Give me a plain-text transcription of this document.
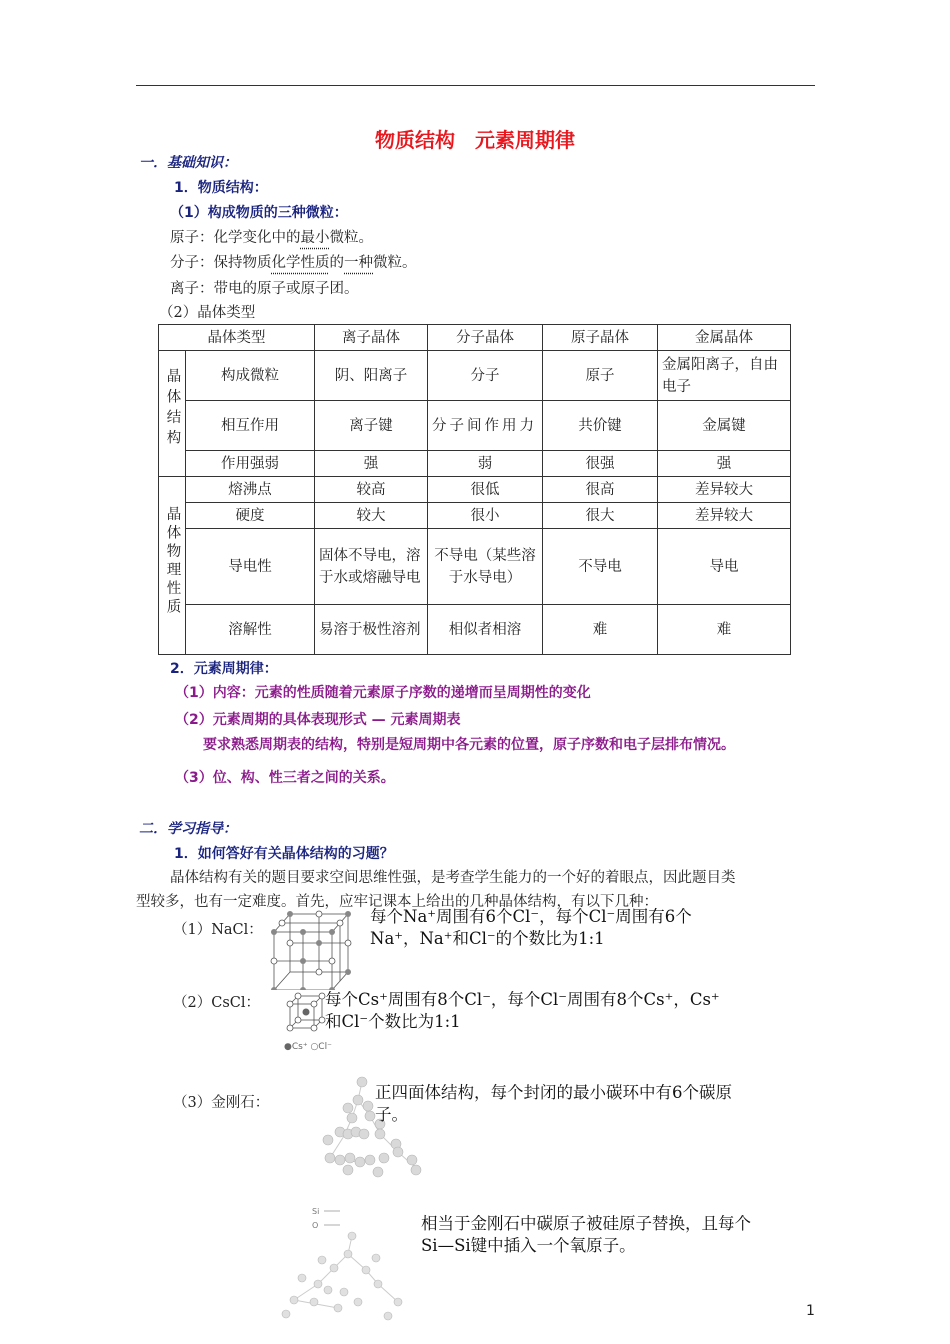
物质结构　元素周期律
一．基础知识：
1．物质结构：
（1）构成物质的三种微粒：
原子：化学变化中的最小微粒。
分子：保持物质化学性质的一种微粒。
离子：带电的原子或原子团。
（2）晶体类型
晶体类型		离子晶体	分子晶体	原子晶体	金属晶体
晶体结构	构成微粒	阴、阳离子	分子	原子	金属阳离子，自由电子
	相互作用	离子键	分子间作用力	共价键	金属键
	作用强弱	强	弱	很强	强
晶体物理性质	熔沸点	较高	很低	很高	差异较大
	硬度	较大	很小	很大	差异较大
	导电性	固体不导电，溶于水或熔融导电	不导电（某些溶于水导电）	不导电	导电
	溶解性	易溶于极性溶剂	相似者相溶	难	难
2．元素周期律：
（1）内容：元素的性质随着元素原子序数的递增而呈周期性的变化
（2）元素周期的具体表现形式 — 元素周期表
要求熟悉周期表的结构，特别是短周期中各元素的位置，原子序数和电子层排布情况。
（3）位、构、性三者之间的关系。
二．学习指导：
1．如何答好有关晶体结构的习题？
晶体结构有关的题目要求空间思维性强，是考查学生能力的一个好的着眼点，因此题目类
型较多，也有一定难度。首先，应牢记课本上给出的几种晶体结构，有以下几种：
（1）NaCl：
每个Na⁺周围有6个Cl⁻，每个Cl⁻周围有6个Na⁺，Na⁺和Cl⁻的个数比为1:1
（2）CsCl：
●Cs⁺ ○Cl⁻
每个Cs⁺周围有8个Cl⁻，每个Cl⁻周围有8个Cs⁺，Cs⁺和Cl⁻个数比为1:1
（3）金刚石：
正四面体结构，每个封闭的最小碳环中有6个碳原子。
Si
O	相当于金刚石中碳原子被硅原子替换，且每个Si—Si键中插入一个氧原子。
1
